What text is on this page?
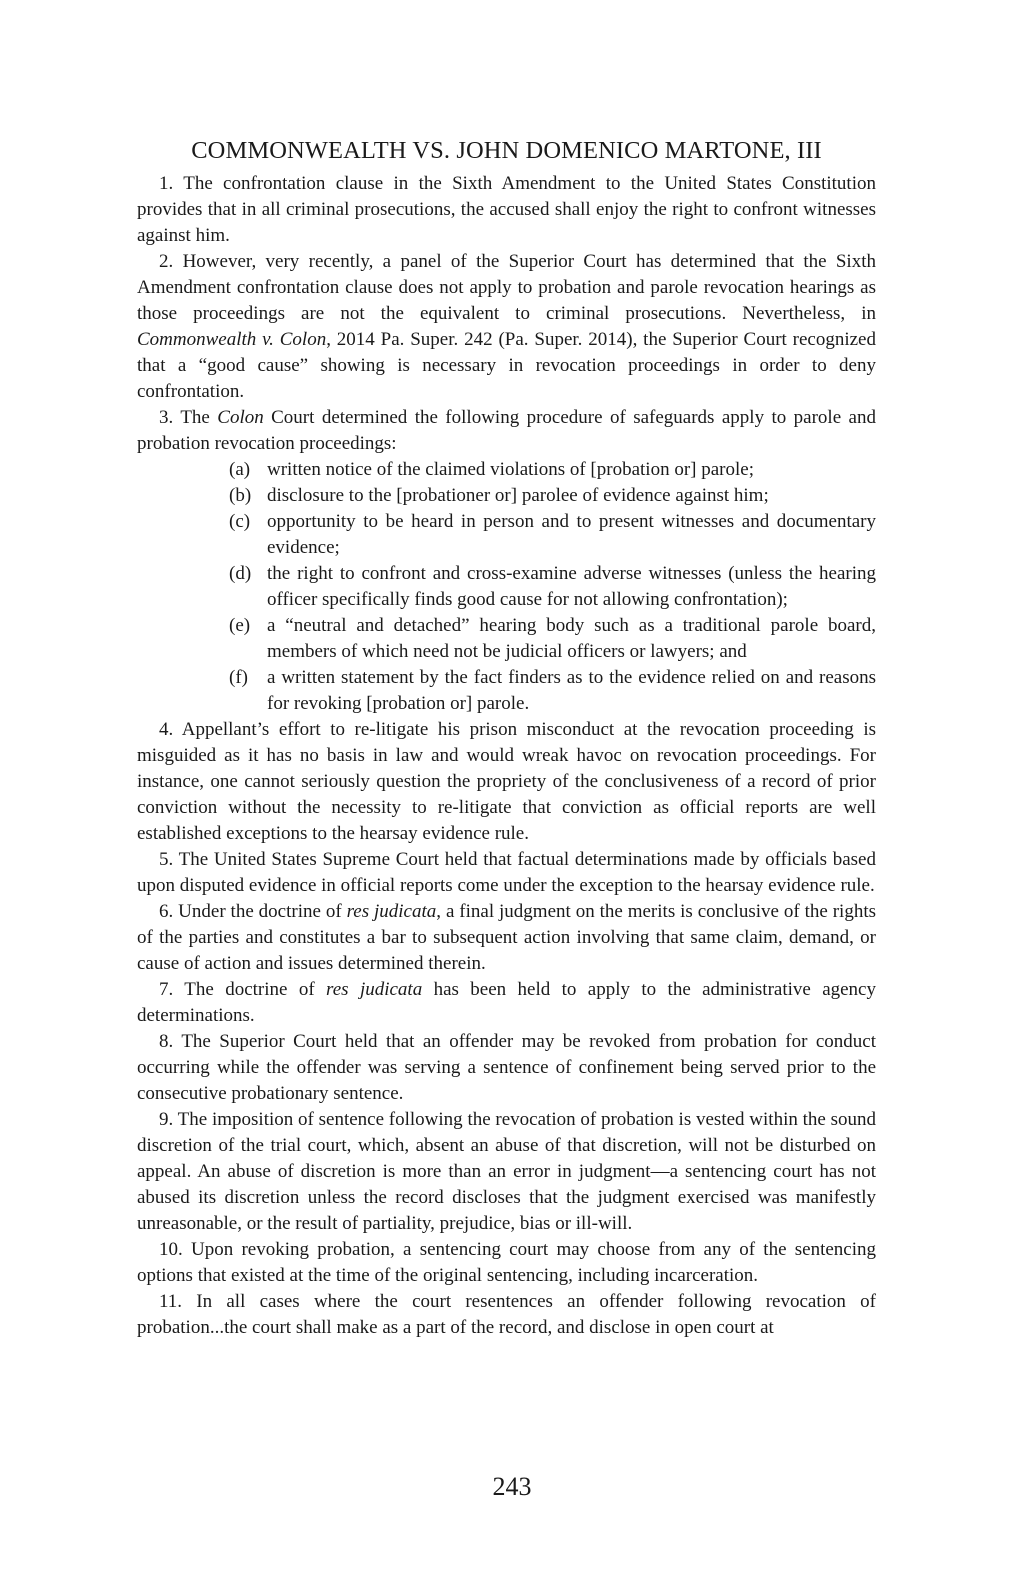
COMMONWEALTH VS. JOHN DOMENICO MARTONE, III

1. The confrontation clause in the Sixth Amendment to the United States Constitution provides that in all criminal prosecutions, the accused shall enjoy the right to confront witnesses against him.

2. However, very recently, a panel of the Superior Court has determined that the Sixth Amendment confrontation clause does not apply to probation and parole revocation hearings as those proceedings are not the equivalent to criminal prosecutions. Nevertheless, in Commonwealth v. Colon, 2014 Pa. Super. 242 (Pa. Super. 2014), the Superior Court recognized that a “good cause” showing is necessary in revocation proceedings in order to deny confrontation.

3. The Colon Court determined the following procedure of safeguards apply to parole and probation revocation proceedings:

(a) written notice of the claimed violations of [probation or] parole;
(b) disclosure to the [probationer or] parolee of evidence against him;
(c) opportunity to be heard in person and to present witnesses and documentary evidence;
(d) the right to confront and cross-examine adverse witnesses (unless the hearing officer specifically finds good cause for not allowing confrontation);
(e) a “neutral and detached” hearing body such as a traditional parole board, members of which need not be judicial officers or lawyers; and
(f) a written statement by the fact finders as to the evidence relied on and reasons for revoking [probation or] parole.

4. Appellant’s effort to re-litigate his prison misconduct at the revocation proceeding is misguided as it has no basis in law and would wreak havoc on revocation proceedings. For instance, one cannot seriously question the propriety of the conclusiveness of a record of prior conviction without the necessity to re-litigate that conviction as official reports are well established exceptions to the hearsay evidence rule.

5. The United States Supreme Court held that factual determinations made by officials based upon disputed evidence in official reports come under the exception to the hearsay evidence rule.

6. Under the doctrine of res judicata, a final judgment on the merits is conclusive of the rights of the parties and constitutes a bar to subsequent action involving that same claim, demand, or cause of action and issues determined therein.

7. The doctrine of res judicata has been held to apply to the administrative agency determinations.

8. The Superior Court held that an offender may be revoked from probation for conduct occurring while the offender was serving a sentence of confinement being served prior to the consecutive probationary sentence.

9. The imposition of sentence following the revocation of probation is vested within the sound discretion of the trial court, which, absent an abuse of that discretion, will not be disturbed on appeal. An abuse of discretion is more than an error in judgment—a sentencing court has not abused its discretion unless the record discloses that the judgment exercised was manifestly unreasonable, or the result of partiality, prejudice, bias or ill-will.

10. Upon revoking probation, a sentencing court may choose from any of the sentencing options that existed at the time of the original sentencing, including incarceration.

11. In all cases where the court resentences an offender following revocation of probation...the court shall make as a part of the record, and disclose in open court at

243
